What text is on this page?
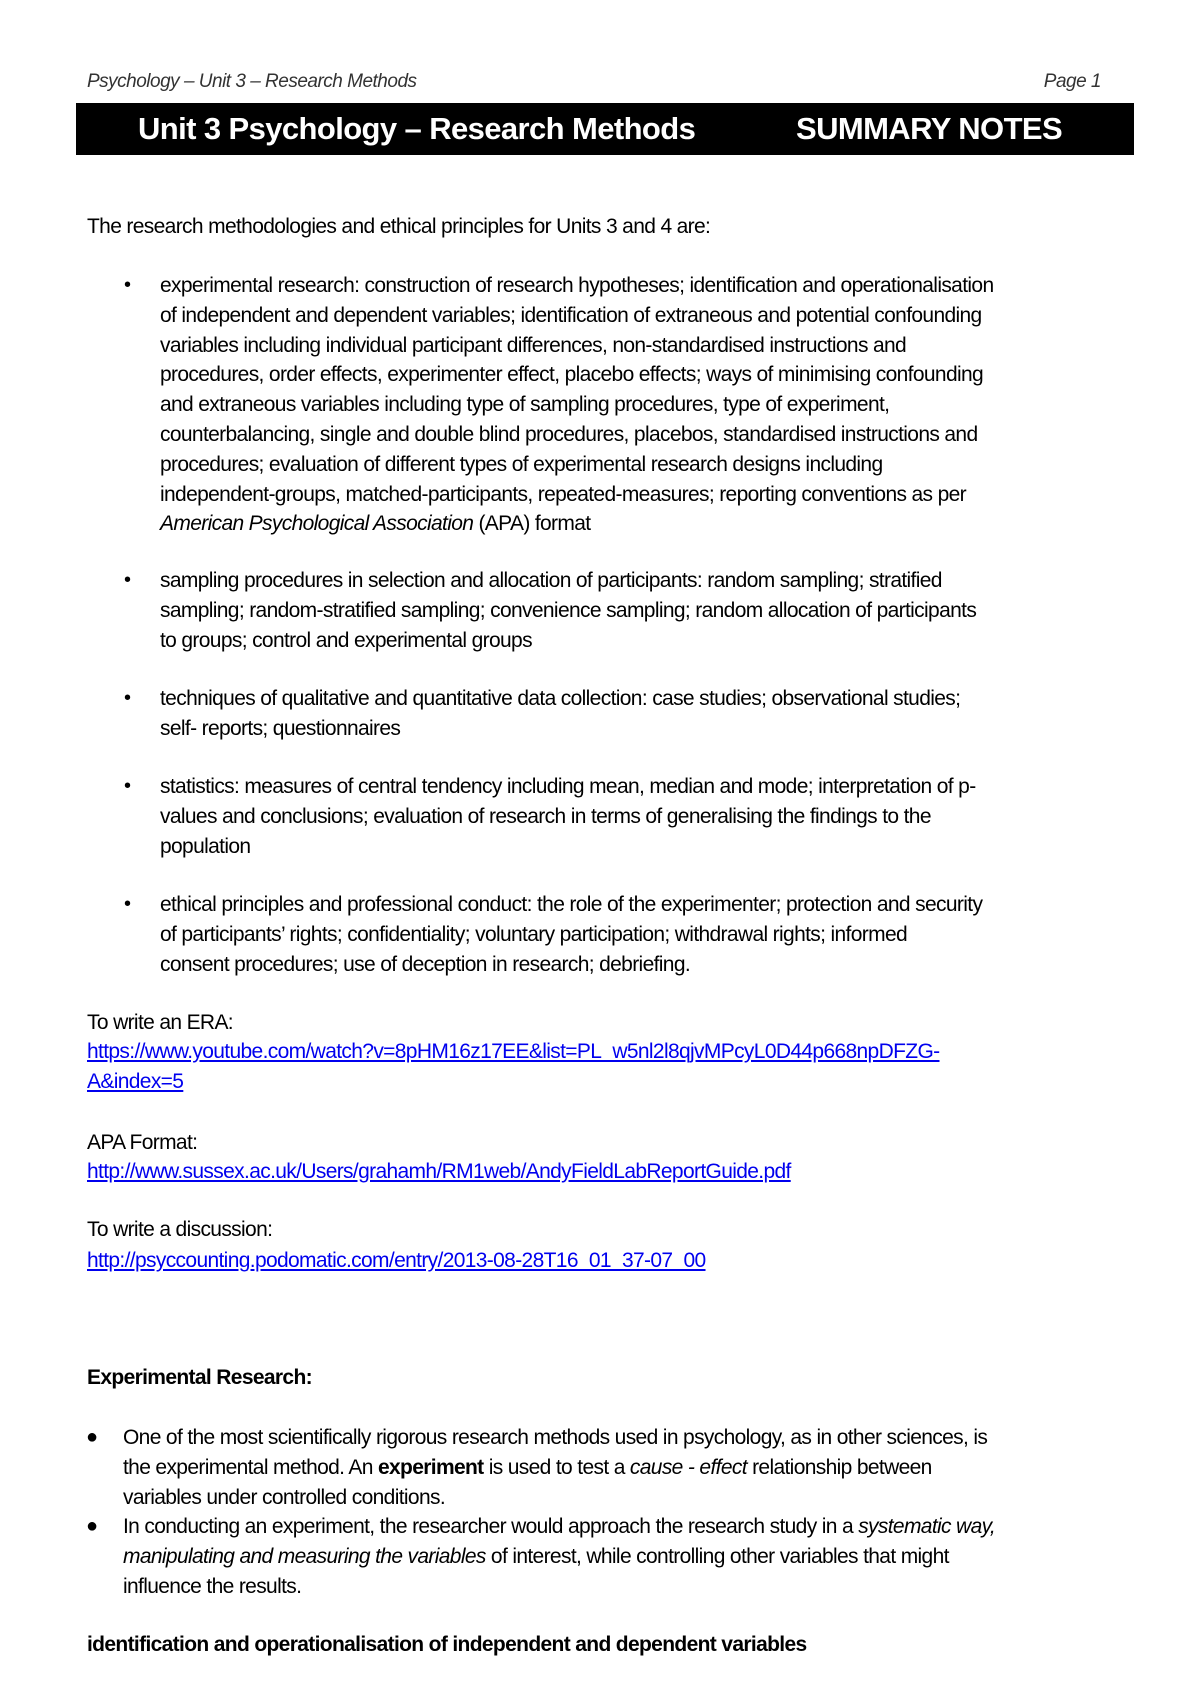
Psychology – Unit 3 – Research Methods	Page 1
Unit 3 Psychology – Research Methods	SUMMARY NOTES
The research methodologies and ethical principles for Units 3 and 4 are:
• experimental research: construction of research hypotheses; identification and operationalisation
of independent and dependent variables; identification of extraneous and potential confounding
variables including individual participant differences, non-standardised instructions and
procedures, order effects, experimenter effect, placebo effects; ways of minimising confounding
and extraneous variables including type of sampling procedures, type of experiment,
counterbalancing, single and double blind procedures, placebos, standardised instructions and
procedures; evaluation of different types of experimental research designs including
independent-groups, matched-participants, repeated-measures; reporting conventions as per
American Psychological Association (APA) format
• sampling procedures in selection and allocation of participants: random sampling; stratified
sampling; random-stratified sampling; convenience sampling; random allocation of participants
to groups; control and experimental groups
• techniques of qualitative and quantitative data collection: case studies; observational studies;
self- reports; questionnaires
• statistics: measures of central tendency including mean, median and mode; interpretation of p-
values and conclusions; evaluation of research in terms of generalising the findings to the
population
• ethical principles and professional conduct: the role of the experimenter; protection and security
of participants’ rights; confidentiality; voluntary participation; withdrawal rights; informed
consent procedures; use of deception in research; debriefing.
To write an ERA:
https://www.youtube.com/watch?v=8pHM16z17EE&list=PL_w5nl2l8qjvMPcyL0D44p668npDFZG-
A&index=5
APA Format:
http://www.sussex.ac.uk/Users/grahamh/RM1web/AndyFieldLabReportGuide.pdf
To write a discussion:
http://psyccounting.podomatic.com/entry/2013-08-28T16_01_37-07_00
Experimental Research:
● One of the most scientifically rigorous research methods used in psychology, as in other sciences, is
the experimental method. An experiment is used to test a cause - effect relationship between
variables under controlled conditions.
● In conducting an experiment, the researcher would approach the research study in a systematic way,
manipulating and measuring the variables of interest, while controlling other variables that might
influence the results.
identification and operationalisation of independent and dependent variables
